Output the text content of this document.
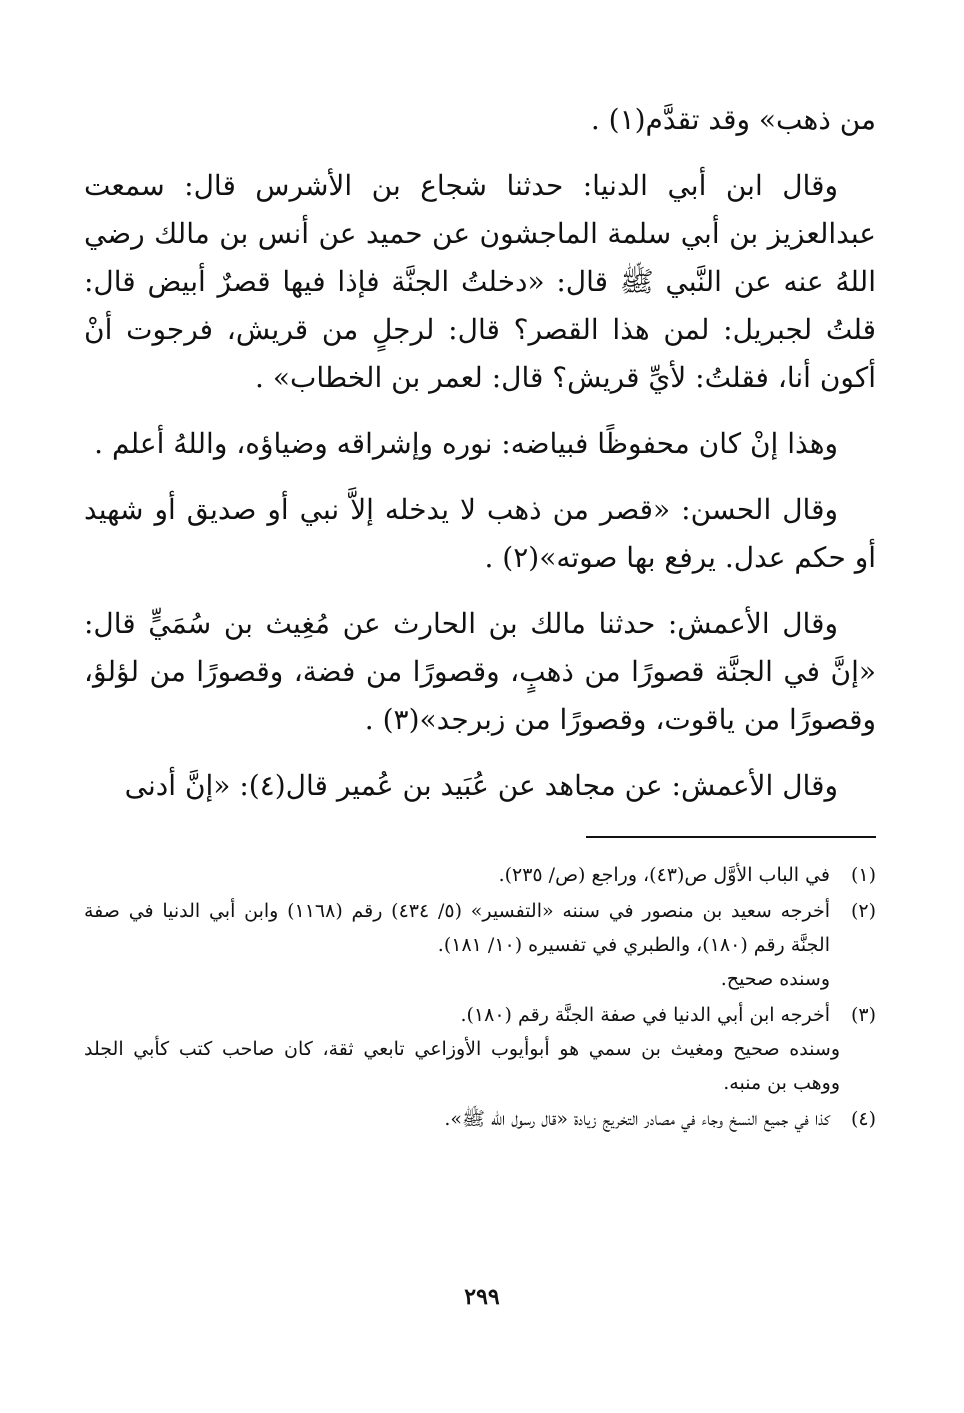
من ذهب» وقد تقدَّم(١) .

وقال ابن أبي الدنيا: حدثنا شجاع بن الأشرس قال: سمعت عبدالعزيز بن أبي سلمة الماجشون عن حميد عن أنس بن مالك رضي اللهُ عنه عن النَّبي ﷺ قال: «دخلتُ الجنَّة فإذا فيها قصرٌ أبيض قال: قلتُ لجبريل: لمن هذا القصر؟ قال: لرجلٍ من قريش، فرجوت أنْ أكون أنا، فقلتُ: لأيِّ قريش؟ قال: لعمر بن الخطاب» .

وهذا إنْ كان محفوظًا فبياضه: نوره وإشراقه وضياؤه، واللهُ أعلم .

وقال الحسن: «قصر من ذهب لا يدخله إلاَّ نبي أو صديق أو شهيد أو حكم عدل. يرفع بها صوته»(٢) .

وقال الأعمش: حدثنا مالك بن الحارث عن مُغِيث بن سُمَيٍّ قال: «إنَّ في الجنَّة قصورًا من ذهبٍ، وقصورًا من فضة، وقصورًا من لؤلؤ، وقصورًا من ياقوت، وقصورًا من زبرجد»(٣) .

وقال الأعمش: عن مجاهد عن عُبَيد بن عُمير قال(٤): «إنَّ أدنى

(١)
في الباب الأوَّل ص(٤٣)، وراجع (ص/ ٢٣٥).
(٢)
أخرجه سعيد بن منصور في سننه «التفسير» (٥/ ٤٣٤) رقم (١١٦٨) وابن أبي الدنيا في صفة الجنَّة رقم (١٨٠)، والطبري في تفسيره (١٠/ ١٨١).
وسنده صحيح.
(٣)
أخرجه ابن أبي الدنيا في صفة الجنَّة رقم (١٨٠).
وسنده صحيح ومغيث بن سمي هو أبوأيوب الأوزاعي تابعي ثقة، كان صاحب كتب كأبي الجلد ووهب بن منبه.
(٤)
كذا في جميع النسخ وجاء في مصادر التخريج زيادة «قال رسول الله ﷺ».
٢٩٩
